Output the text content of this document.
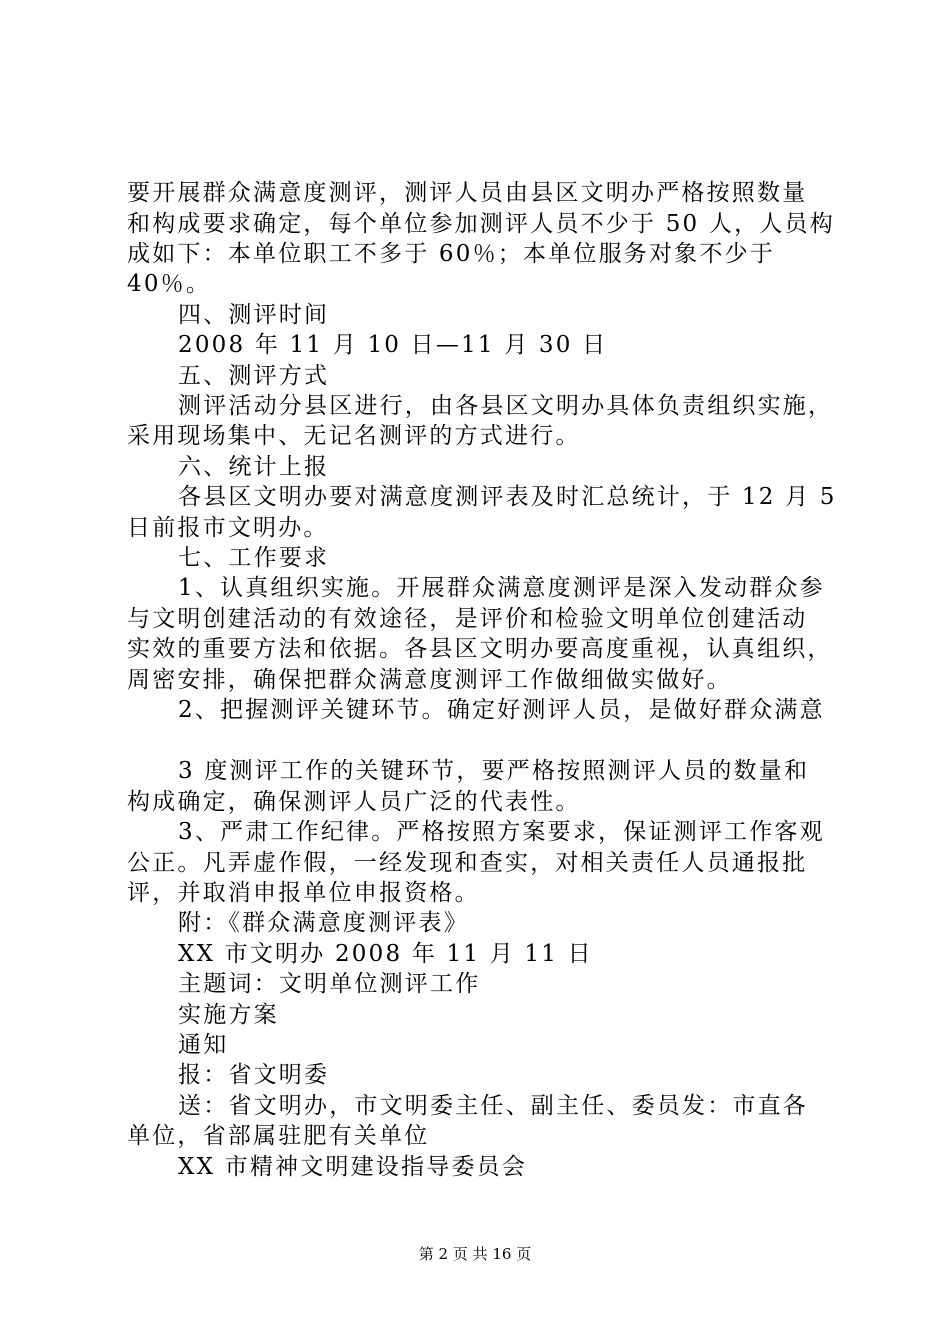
要开展群众满意度测评，测评人员由县区文明办严格按照数量
和构成要求确定，每个单位参加测评人员不少于 50 人，人员构
成如下：本单位职工不多于 60％；本单位服务对象不少于
40％。
四、测评时间
2008 年 11 月 10 日—11 月 30 日
五、测评方式
测评活动分县区进行，由各县区文明办具体负责组织实施，
采用现场集中、无记名测评的方式进行。
六、统计上报
各县区文明办要对满意度测评表及时汇总统计，于 12 月 5
日前报市文明办。
七、工作要求
1、认真组织实施。开展群众满意度测评是深入发动群众参
与文明创建活动的有效途径，是评价和检验文明单位创建活动
实效的重要方法和依据。各县区文明办要高度重视，认真组织，
周密安排，确保把群众满意度测评工作做细做实做好。
2、把握测评关键环节。确定好测评人员，是做好群众满意
3 度测评工作的关键环节，要严格按照测评人员的数量和
构成确定，确保测评人员广泛的代表性。
3、严肃工作纪律。严格按照方案要求，保证测评工作客观
公正。凡弄虚作假，一经发现和查实，对相关责任人员通报批
评，并取消申报单位申报资格。
附：《群众满意度测评表》
XX 市文明办 2008 年 11 月 11 日
主题词：文明单位测评工作
实施方案
通知
报：省文明委
送：省文明办，市文明委主任、副主任、委员发：市直各
单位，省部属驻肥有关单位
XX 市精神文明建设指导委员会
第 2 页 共 16 页
